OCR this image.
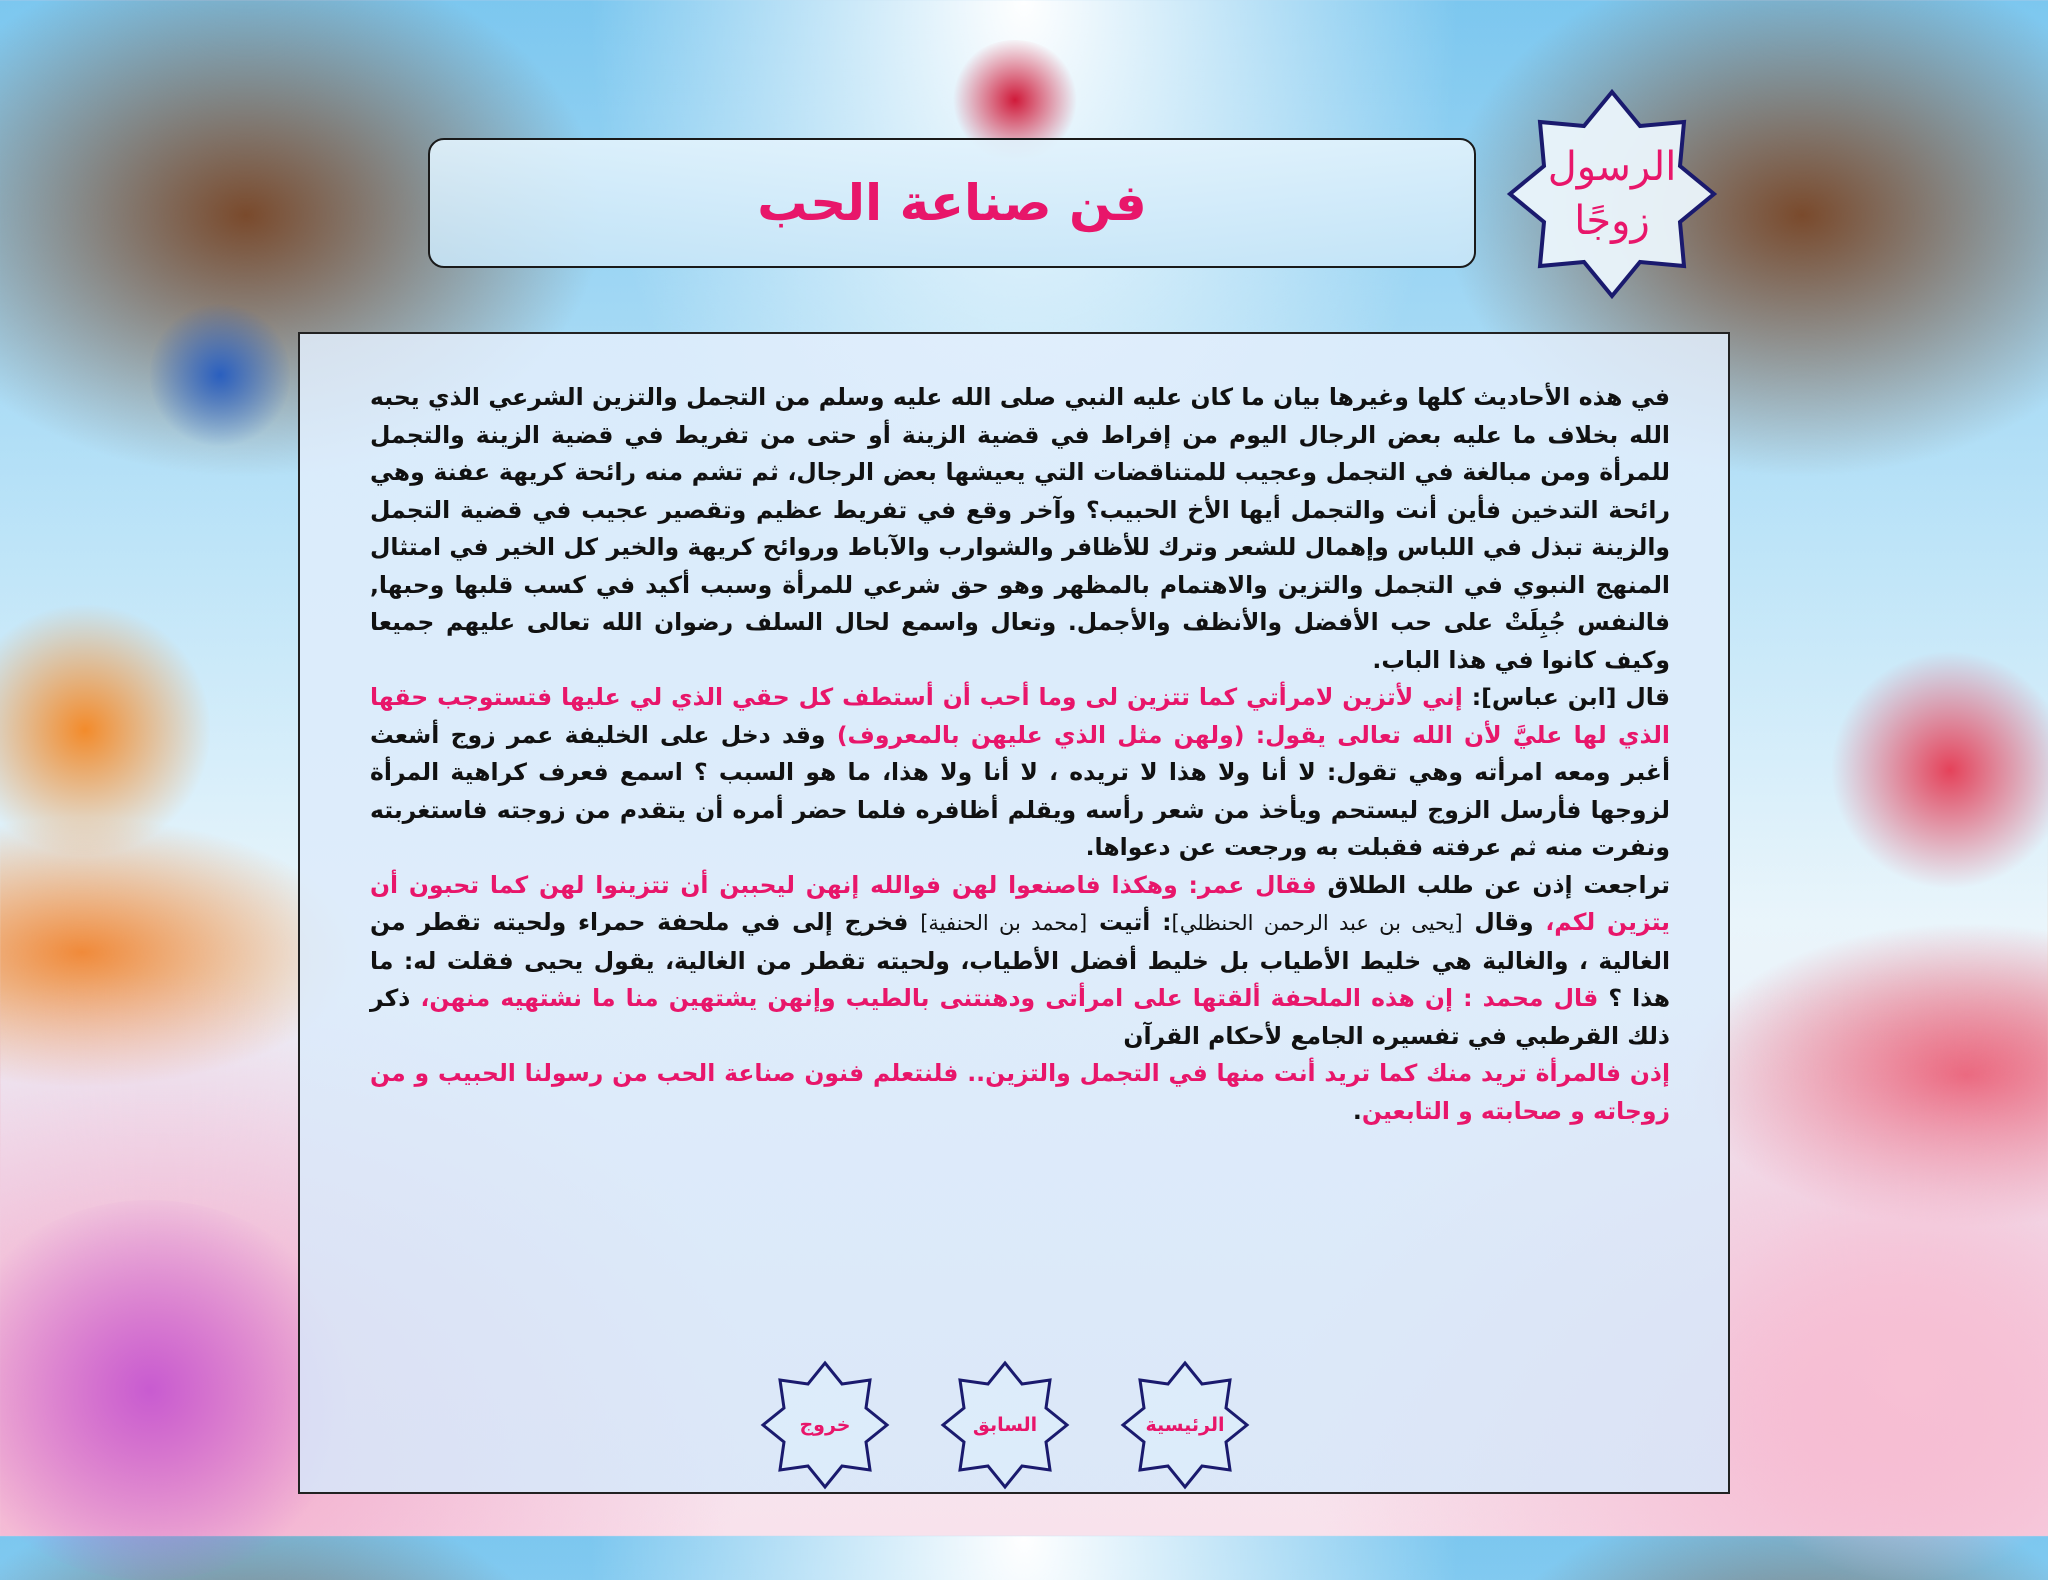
الرسول
زوجًا
فن صناعة الحب

في هذه الأحاديث كلها وغيرها بيان ما كان عليه النبي صلى الله عليه وسلم من التجمل والتزين الشرعي الذي يحبه الله بخلاف ما عليه بعض الرجال اليوم من إفراط في قضية الزينة أو حتى من تفريط في قضية الزينة والتجمل للمرأة ومن مبالغة في التجمل وعجيب للمتناقضات التي يعيشها بعض الرجال، ثم تشم منه رائحة كريهة عفنة وهي رائحة التدخين فأين أنت والتجمل أيها الأخ الحبيب؟ وآخر وقع في تفريط عظيم وتقصير عجيب في قضية التجمل والزينة تبذل في اللباس وإهمال للشعر وترك للأظافر والشوارب والآباط وروائح كريهة والخير كل الخير في امتثال المنهج النبوي في التجمل والتزين والاهتمام بالمظهر وهو حق شرعي للمرأة وسبب أكيد في كسب قلبها وحبها, فالنفس جُبِلَتْ على حب الأفضل والأنظف والأجمل. وتعال واسمع لحال السلف رضوان الله تعالى عليهم جميعا وكيف كانوا في هذا الباب.

قال [ابن عباس]: إني لأتزين لامرأتي كما تتزين لى وما أحب أن أستطف كل حقي الذي لي عليها فتستوجب حقها الذي لها عليَّ لأن الله تعالى يقول: (ولهن مثل الذي عليهن بالمعروف) وقد دخل على الخليفة عمر زوج أشعث أغبر ومعه امرأته وهي تقول: لا أنا ولا هذا لا تريده ، لا أنا ولا هذا، ما هو السبب ؟ اسمع فعرف كراهية المرأة لزوجها فأرسل الزوج ليستحم ويأخذ من شعر رأسه ويقلم أظافره فلما حضر أمره أن يتقدم من زوجته فاستغربته ونفرت منه ثم عرفته فقبلت به ورجعت عن دعواها.

تراجعت إذن عن طلب الطلاق فقال عمر: وهكذا فاصنعوا لهن فوالله إنهن ليحببن أن تتزينوا لهن كما تحبون أن يتزين لكم، وقال [يحيى بن عبد الرحمن الحنظلي]: أتيت [محمد بن الحنفية] فخرج إلى في ملحفة حمراء ولحيته تقطر من الغالية ، والغالية هي خليط الأطياب بل خليط أفضل الأطياب، ولحيته تقطر من الغالية، يقول يحيى فقلت له: ما هذا ؟ قال محمد : إن هذه الملحفة ألقتها على امرأتى ودهنتنى بالطيب وإنهن يشتهين منا ما نشتهيه منهن، ذكر ذلك القرطبي في تفسيره الجامع لأحكام القرآن

إذن فالمرأة تريد منك كما تريد أنت منها في التجمل والتزين.. فلنتعلم فنون صناعة الحب من رسولنا الحبيب و من زوجاته و صحابته و التابعين.

الرئيسية
السابق
خروج
